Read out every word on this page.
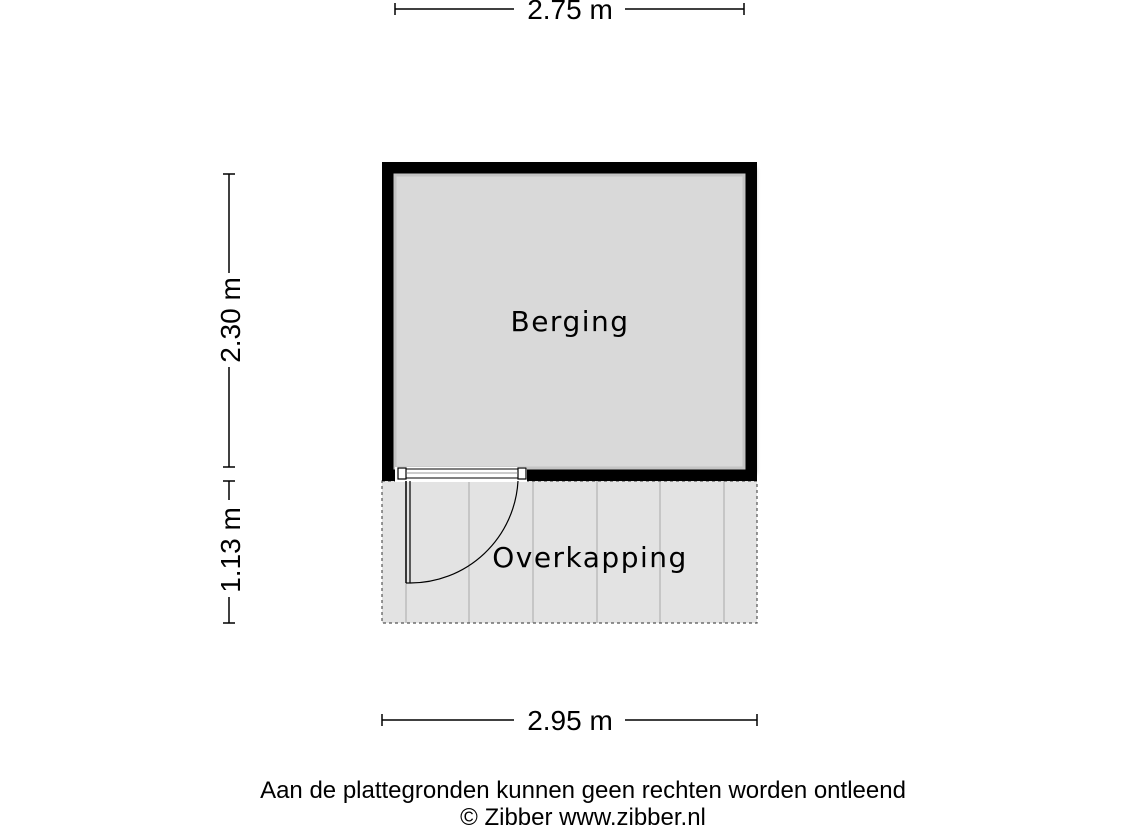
2.75 m
2.30 m
1.13 m
Berging
Overkapping
2.95 m
Aan de plattegronden kunnen geen rechten worden ontleend
© Zibber www.zibber.nl
